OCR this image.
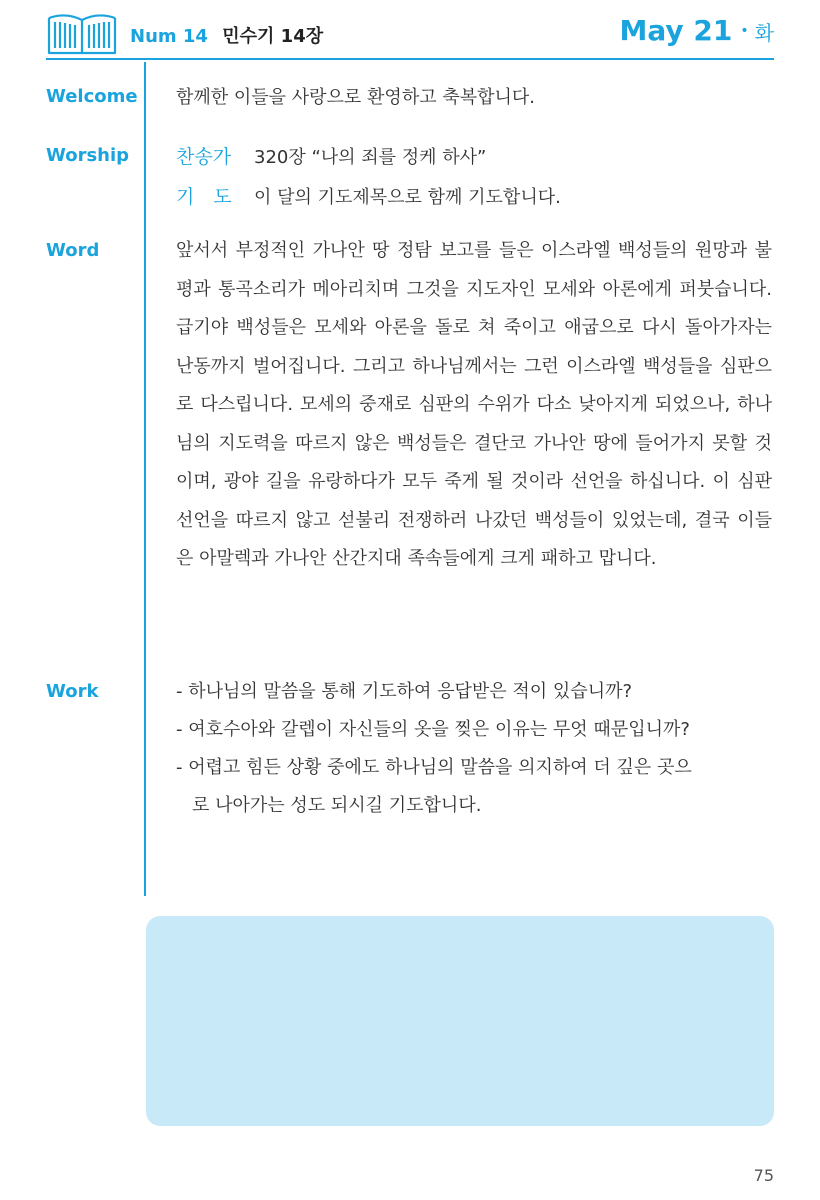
Num 14 민수기 14장	May 21 • 화
Welcome 함께한 이들을 사랑으로 환영하고 축복합니다.
Worship 찬송가 320장 “나의 죄를 정케 하사”
기　도 이 달의 기도제목으로 함께 기도합니다.
Word	앞서서 부정적인 가나안 땅 정탐 보고를 들은 이스라엘 백성들의 원망과 불평과 통곡소리가 메아리치며 그것을 지도자인 모세와 아론에게 퍼붓습니다. 급기야 백성들은 모세와 아론을 돌로 쳐 죽이고 애굽으로 다시 돌아가자는 난동까지 벌어집니다. 그리고 하나님께서는 그런 이스라엘 백성들을 심판으로 다스립니다. 모세의 중재로 심판의 수위가 다소 낮아지게 되었으나, 하나님의 지도력을 따르지 않은 백성들은 결단코 가나안 땅에 들어가지 못할 것이며, 광야 길을 유랑하다가 모두 죽게 될 것이라 선언을 하십니다. 이 심판 선언을 따르지 않고 섣불리 전쟁하러 나갔던 백성들이 있었는데, 결국 이들은 아말렉과 가나안 산간지대 족속들에게 크게 패하고 맙니다.
Work	- 하나님의 말씀을 통해 기도하여 응답받은 적이 있습니까?
- 여호수아와 갈렙이 자신들의 옷을 찢은 이유는 무엇 때문입니까?
- 어렵고 힘든 상황 중에도 하나님의 말씀을 의지하여 더 깊은 곳으
로 나아가는 성도 되시길 기도합니다.
75
